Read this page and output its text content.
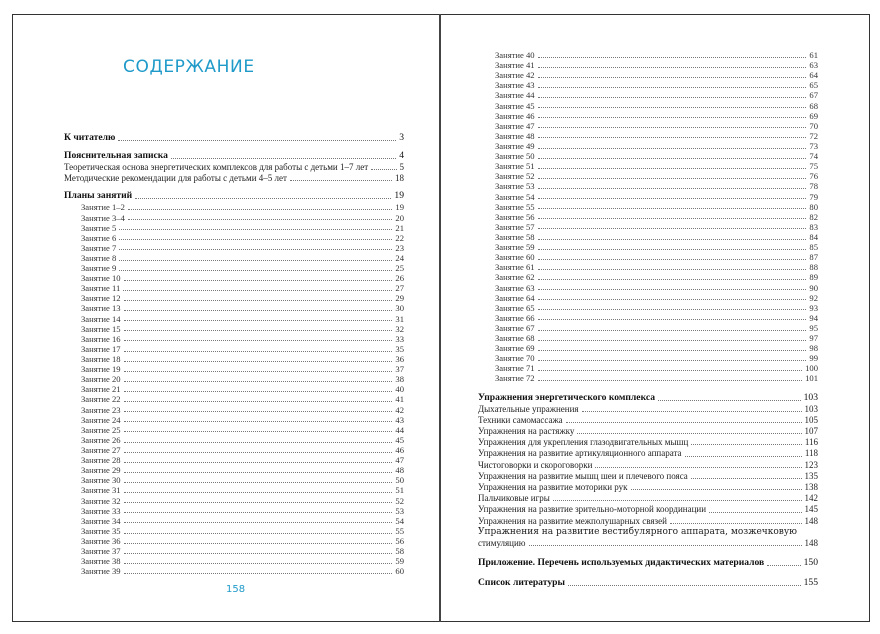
СОДЕРЖАНИЕ
К читателю	3
Пояснительная записка	4
Теоретическая основа энергетических комплексов для работы с детьми 1–7 лет	5
Методические рекомендации для работы с детьми 4–5 лет	18
Планы занятий	19
Занятие 1–2	19
Занятие 3–4	20
Занятие 5	21
Занятие 6	22
Занятие 7	23
Занятие 8	24
Занятие 9	25
Занятие 10	26
Занятие 11	27
Занятие 12	29
Занятие 13	30
Занятие 14	31
Занятие 15	32
Занятие 16	33
Занятие 17	35
Занятие 18	36
Занятие 19	37
Занятие 20	38
Занятие 21	40
Занятие 22	41
Занятие 23	42
Занятие 24	43
Занятие 25	44
Занятие 26	45
Занятие 27	46
Занятие 28	47
Занятие 29	48
Занятие 30	50
Занятие 31	51
Занятие 32	52
Занятие 33	53
Занятие 34	54
Занятие 35	55
Занятие 36	56
Занятие 37	58
Занятие 38	59
Занятие 39	60
Занятие 40	61
Занятие 41	63
Занятие 42	64
Занятие 43	65
Занятие 44	67
Занятие 45	68
Занятие 46	69
Занятие 47	70
Занятие 48	72
Занятие 49	73
Занятие 50	74
Занятие 51	75
Занятие 52	76
Занятие 53	78
Занятие 54	79
Занятие 55	80
Занятие 56	82
Занятие 57	83
Занятие 58	84
Занятие 59	85
Занятие 60	87
Занятие 61	88
Занятие 62	89
Занятие 63	90
Занятие 64	92
Занятие 65	93
Занятие 66	94
Занятие 67	95
Занятие 68	97
Занятие 69	98
Занятие 70	99
Занятие 71	100
Занятие 72	101
Упражнения энергетического комплекса	103
Дыхательные упражнения	103
Техники самомассажа	105
Упражнения на растяжку	107
Упражнения для укрепления глазодвигательных мышц	116
Упражнения на развитие артикуляционного аппарата	118
Чистоговорки и скороговорки	123
Упражнения на развитие мышц шеи и плечевого пояса	135
Упражнения на развитие моторики рук	138
Пальчиковые игры	142
Упражнения на развитие зрительно-моторной координации	145
Упражнения на развитие межполушарных связей	148
Упражнения на развитие вестибулярного аппарата, мозжечковую
стимуляцию	148
Приложение. Перечень используемых дидактических материалов	150
Список литературы	155
158
